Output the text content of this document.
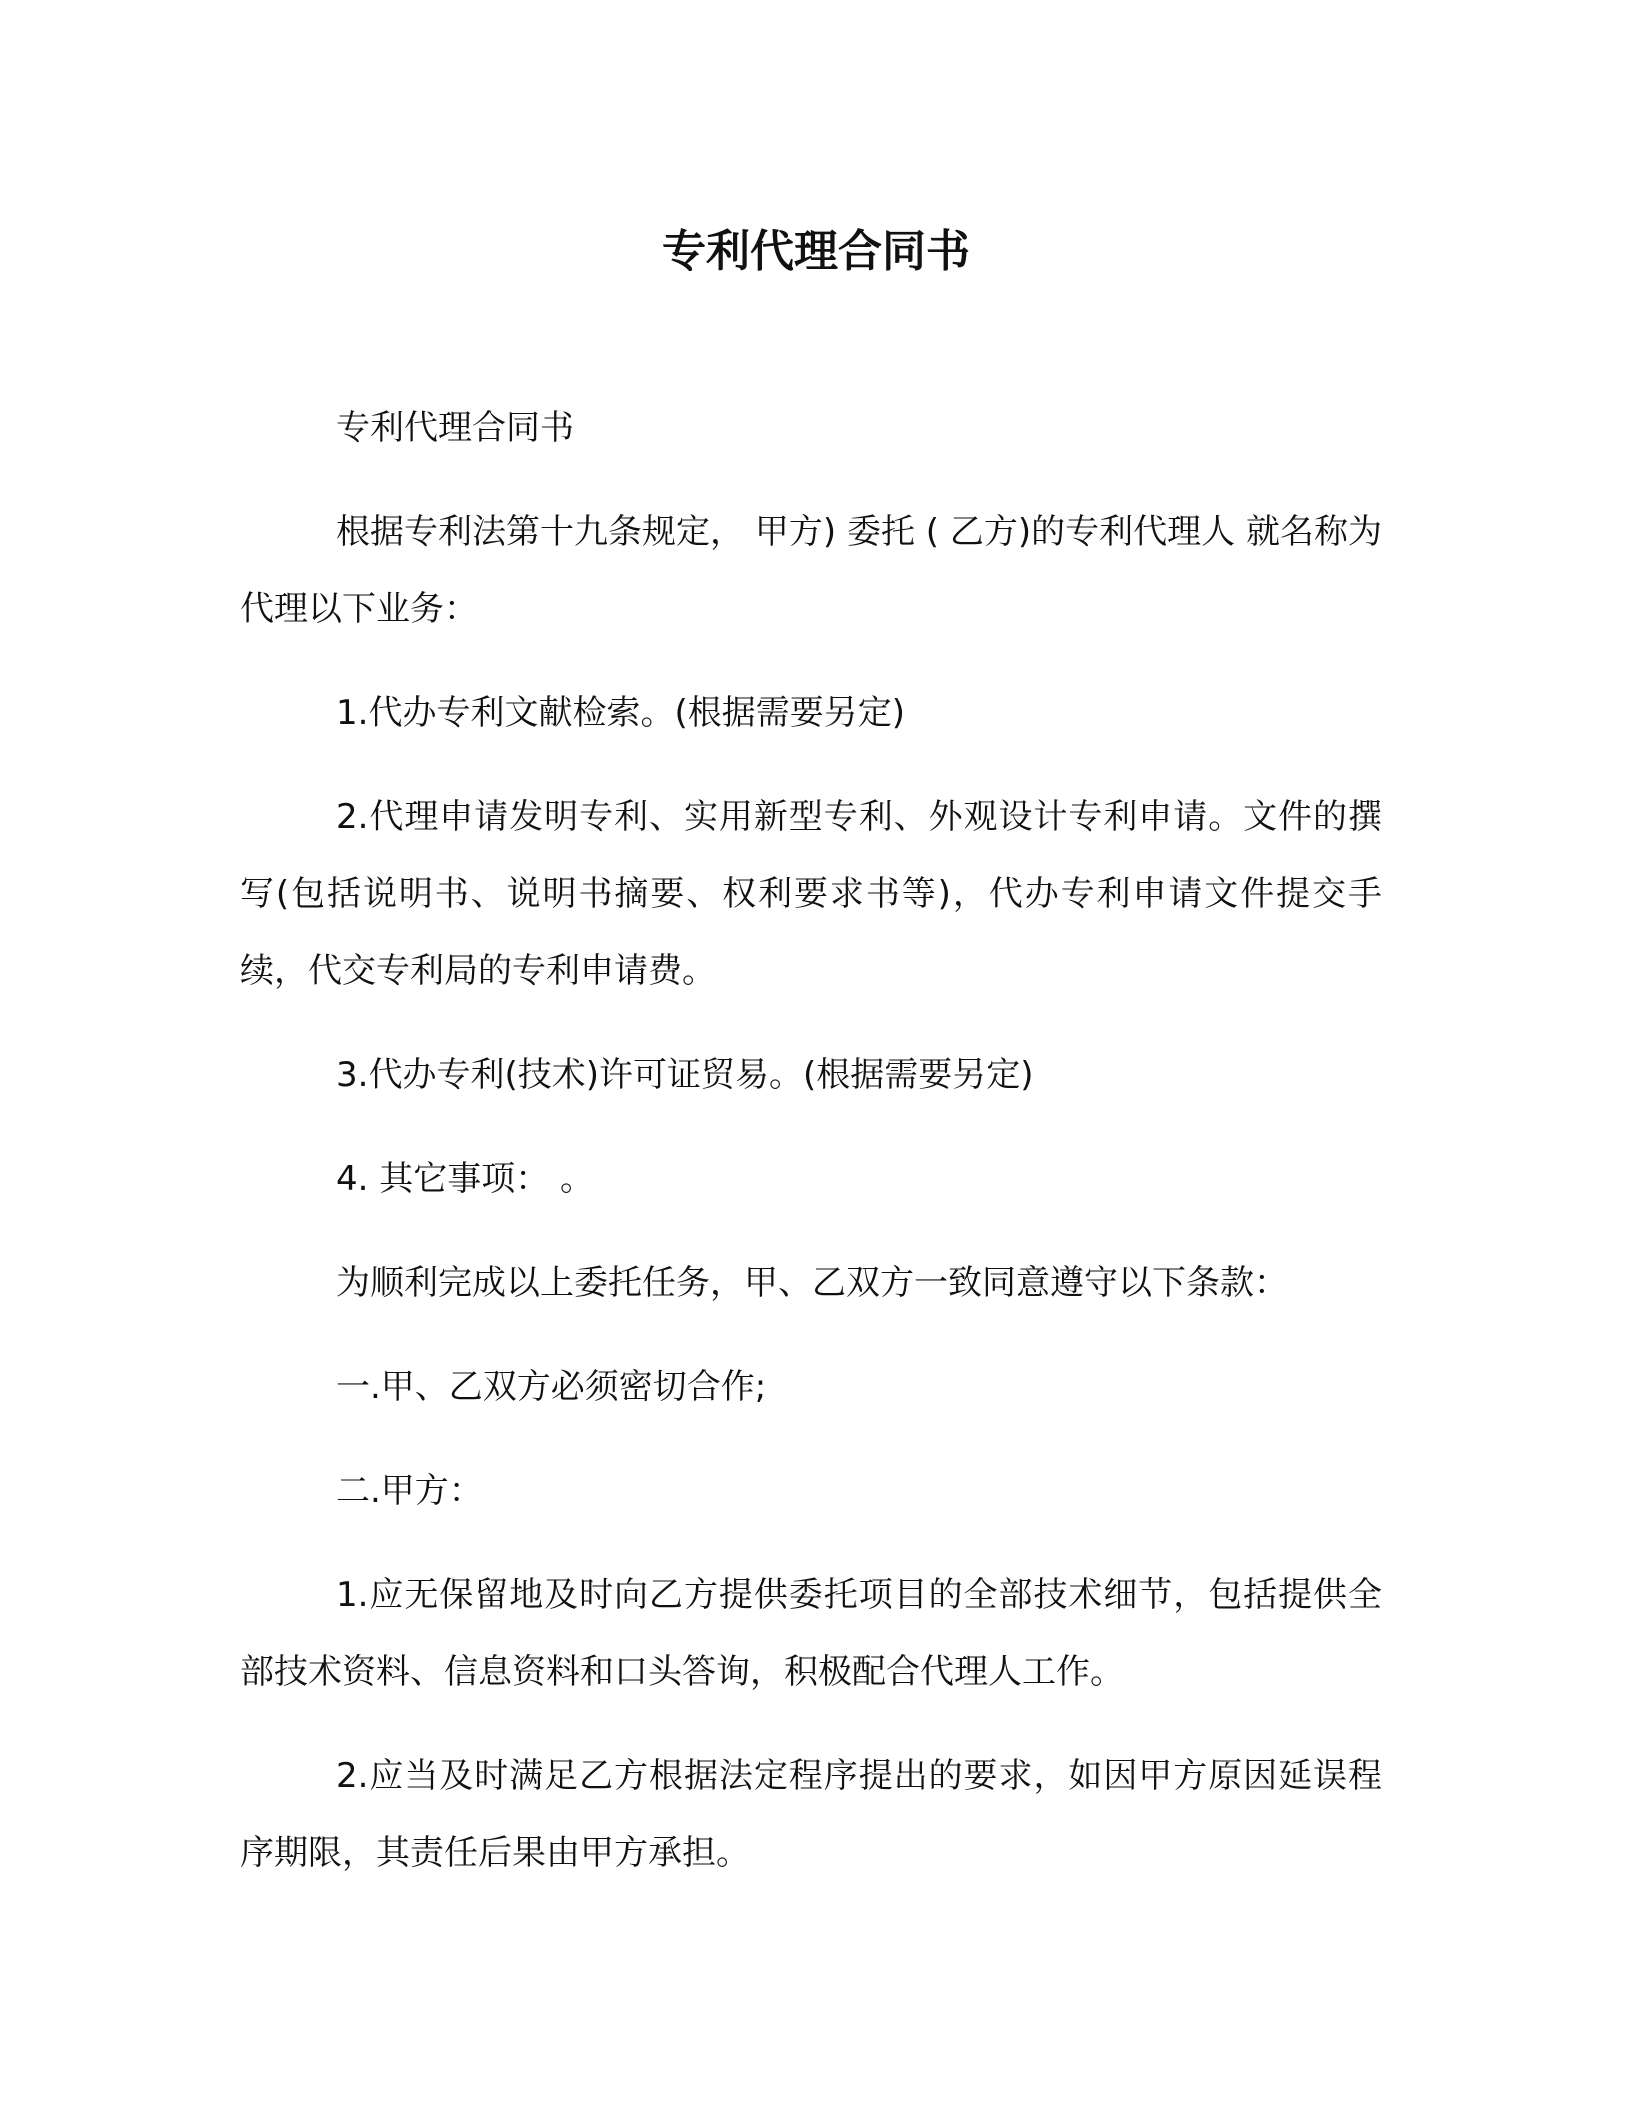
专利代理合同书

专利代理合同书

根据专利法第十九条规定， 甲方) 委托 ( 乙方)的专利代理人 就名称为 代理以下业务：

1.代办专利文献检索。(根据需要另定)

2.代理申请发明专利、实用新型专利、外观设计专利申请。文件的撰写(包括说明书、说明书摘要、权利要求书等)，代办专利申请文件提交手续，代交专利局的专利申请费。

3.代办专利(技术)许可证贸易。(根据需要另定)

4. 其它事项： 。

为顺利完成以上委托任务，甲、乙双方一致同意遵守以下条款：

一.甲、乙双方必须密切合作;

二.甲方：

1.应无保留地及时向乙方提供委托项目的全部技术细节，包括提供全部技术资料、信息资料和口头答询，积极配合代理人工作。

2.应当及时满足乙方根据法定程序提出的要求，如因甲方原因延误程序期限，其责任后果由甲方承担。
